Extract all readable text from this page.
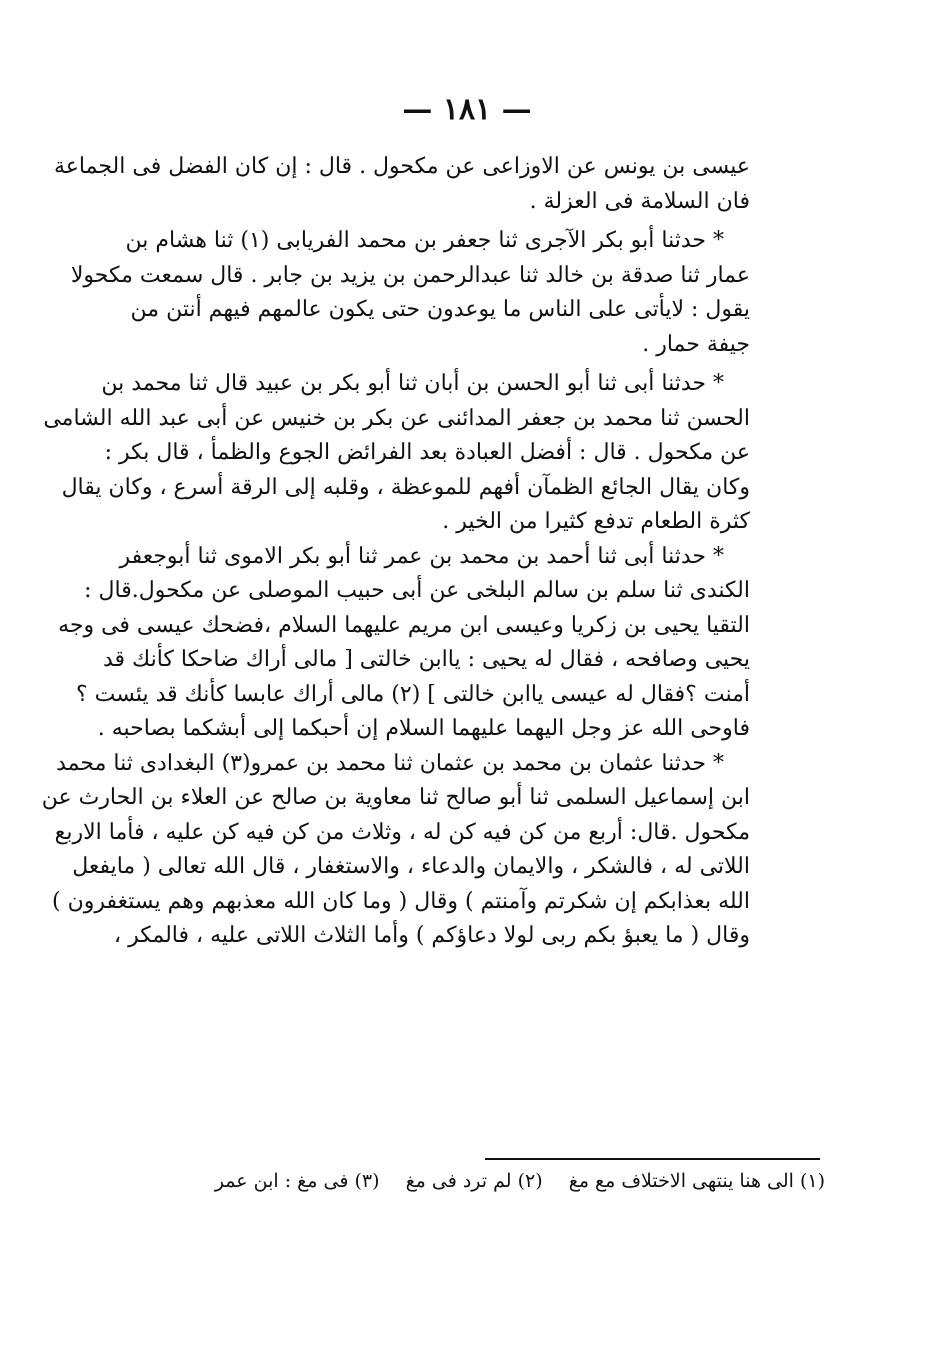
— ١٨١ —
عيسى بن يونس عن الاوزاعى عن مكحول . قال : إن كان الفضل فى الجماعة
فان السلامة فى العزلة .
* حدثنا أبو بكر الآجرى ثنا جعفر بن محمد الفريابى (١) ثنا هشام بن
عمار ثنا صدقة بن خالد ثنا عبدالرحمن بن يزيد بن جابر . قال سمعت مكحولا
يقول : لايأتى على الناس ما يوعدون حتى يكون عالمهم فيهم أنتن من
جيفة حمار .
* حدثنا أبى ثنا أبو الحسن بن أبان ثنا أبو بكر بن عبيد قال ثنا محمد بن
الحسن ثنا محمد بن جعفر المدائنى عن بكر بن خنيس عن أبى عبد الله الشامى
عن مكحول . قال : أفضل العبادة بعد الفرائض الجوع والظمأ ، قال بكر :
وكان يقال الجائع الظمآن أفهم للموعظة ، وقلبه إلى الرقة أسرع ، وكان يقال
كثرة الطعام تدفع كثيرا من الخير .
* حدثنا أبى ثنا أحمد بن محمد بن عمر ثنا أبو بكر الاموى ثنا أبوجعفر
الكندى ثنا سلم بن سالم البلخى عن أبى حبيب الموصلى عن مكحول.قال :
التقيا يحيى بن زكريا وعيسى ابن مريم عليهما السلام ،فضحك عيسى فى وجه
يحيى وصافحه ، فقال له يحيى : ياابن خالتى [ مالى أراك ضاحكا كأنك قد
أمنت ؟فقال له عيسى ياابن خالتى ] (٢) مالى أراك عابسا كأنك قد يئست ؟
فاوحى الله عز وجل اليهما عليهما السلام إن أحبكما إلى أبشكما بصاحبه .
* حدثنا عثمان بن محمد بن عثمان ثنا محمد بن عمرو(٣) البغدادى ثنا محمد
ابن إسماعيل السلمى ثنا أبو صالح ثنا معاوية بن صالح عن العلاء بن الحارث عن
مكحول .قال: أربع من كن فيه كن له ، وثلاث من كن فيه كن عليه ، فأما الاربع
اللاتى له ، فالشكر ، والايمان والدعاء ، والاستغفار ، قال الله تعالى ( مايفعل
الله بعذابكم إن شكرتم وآمنتم ) وقال ( وما كان الله معذبهم وهم يستغفرون )
وقال ( ما يعبؤ بكم ربى لولا دعاؤكم ) وأما الثلاث اللاتى عليه ، فالمكر ،
(١) الى هنا ينتهى الاختلاف مع مغ (٢) لم ترد فى مغ (٣) فى مغ : ابن عمر
